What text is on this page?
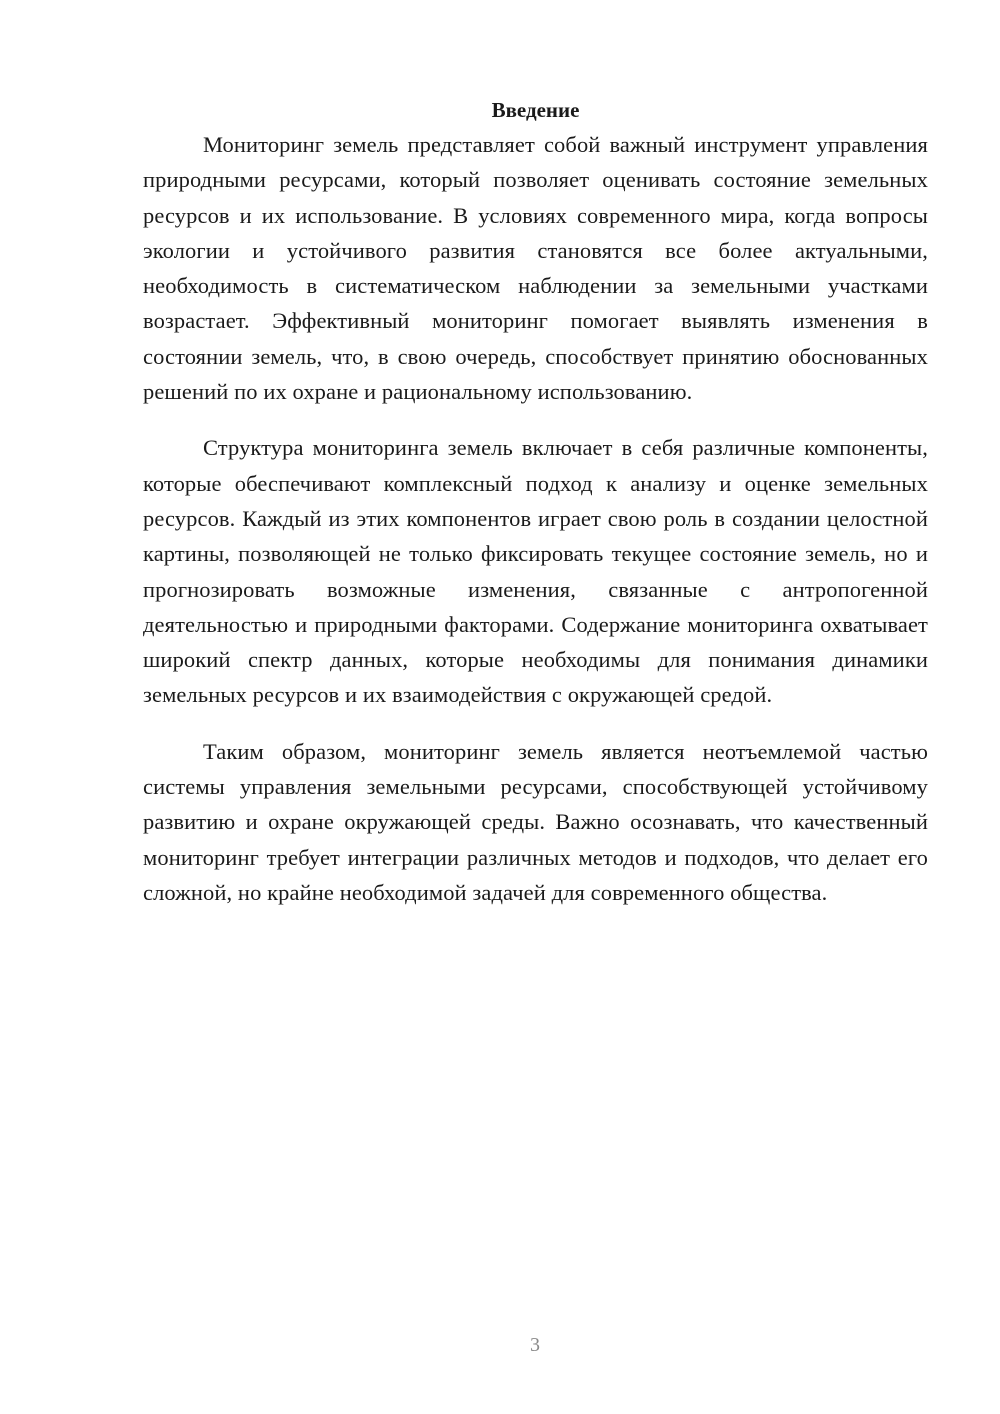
Введение

Мониторинг земель представляет собой важный инструмент управления природными ресурсами, который позволяет оценивать состояние земельных ресурсов и их использование. В условиях современного мира, когда вопросы экологии и устойчивого развития становятся все более актуальными, необходимость в систематическом наблюдении за земельными участками возрастает. Эффективный мониторинг помогает выявлять изменения в состоянии земель, что, в свою очередь, способствует принятию обоснованных решений по их охране и рациональному использованию.

Структура мониторинга земель включает в себя различные компоненты, которые обеспечивают комплексный подход к анализу и оценке земельных ресурсов. Каждый из этих компонентов играет свою роль в создании целостной картины, позволяющей не только фиксировать текущее состояние земель, но и прогнозировать возможные изменения, связанные с антропогенной деятельностью и природными факторами. Содержание мониторинга охватывает широкий спектр данных, которые необходимы для понимания динамики земельных ресурсов и их взаимодействия с окружающей средой.

Таким образом, мониторинг земель является неотъемлемой частью системы управления земельными ресурсами, способствующей устойчивому развитию и охране окружающей среды. Важно осознавать, что качественный мониторинг требует интеграции различных методов и подходов, что делает его сложной, но крайне необходимой задачей для современного общества.

3
